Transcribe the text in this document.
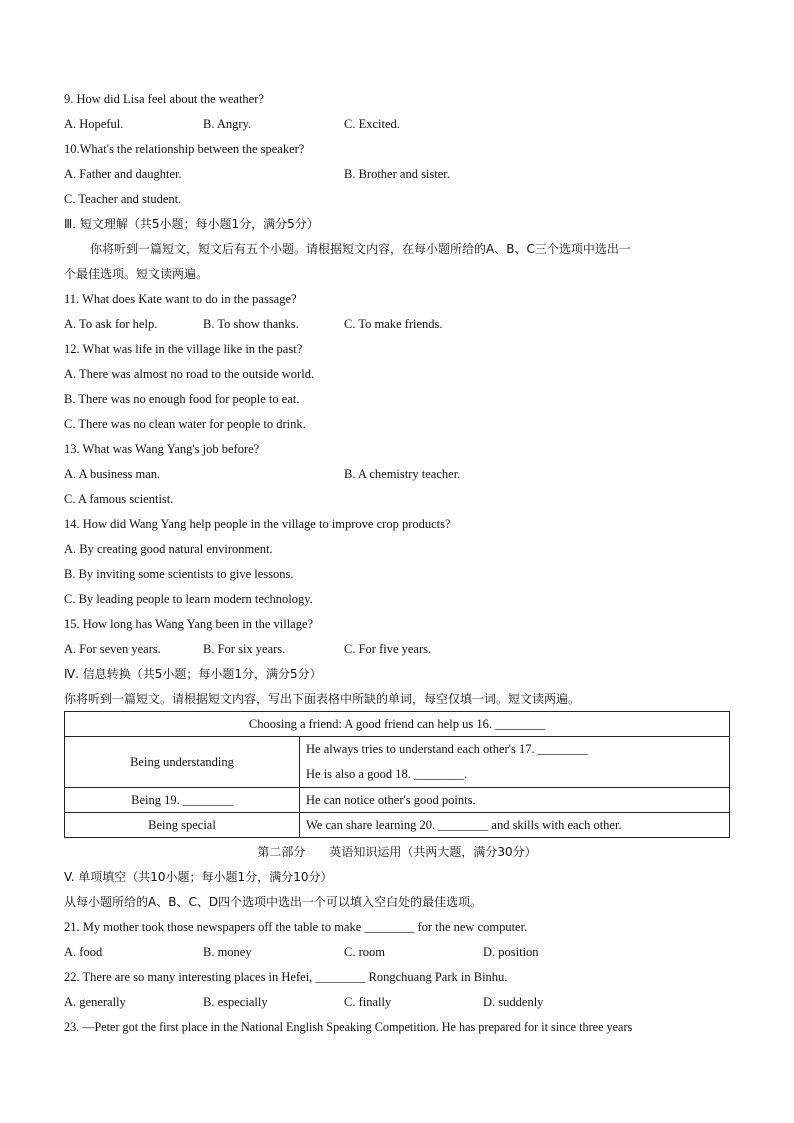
9. How did Lisa feel about the weather?
A. Hopeful.	B. Angry.	C. Excited.
10.What's the relationship between the speaker?
A. Father and daughter.	B. Brother and sister.
C. Teacher and student.
Ⅲ. 短文理解（共5小题；每小题1分，满分5分）
你将听到一篇短文，短文后有五个小题。请根据短文内容，在每小题所给的A、B、C三个选项中选出一
个最佳选项。短文读两遍。
11. What does Kate want to do in the passage?
A. To ask for help.	B. To show thanks.	C. To make friends.
12. What was life in the village like in the past?
A. There was almost no road to the outside world.
B. There was no enough food for people to eat.
C. There was no clean water for people to drink.
13. What was Wang Yang's job before?
A. A business man.	B. A chemistry teacher.
C. A famous scientist.
14. How did Wang Yang help people in the village to improve crop products?
A. By creating good natural environment.
B. By inviting some scientists to give lessons.
C. By leading people to learn modern technology.
15. How long has Wang Yang been in the village?
A. For seven years.	B. For six years.	C. For five years.
Ⅳ. 信息转换（共5小题；每小题1分，满分5分）
你将听到一篇短文。请根据短文内容，写出下面表格中所缺的单词，每空仅填一词。短文读两遍。
Choosing a friend: A good friend can help us 16. ________	
Being understanding	He always tries to understand each other's 17. ________
He is also a good 18. ________.

Being 19. ________	He can notice other's good points.
Being special	We can share learning 20. ________ and skills with each other.
第二部分　　英语知识运用（共两大题，满分30分）
V. 单项填空（共10小题；每小题1分，满分10分）
从每小题所给的A、B、C、D四个选项中选出一个可以填入空白处的最佳选项。
21. My mother took those newspapers off the table to make ________ for the new computer.
A. food	B. money	C. room	D. position
22. There are so many interesting places in Hefei, ________ Rongchuang Park in Binhu.
A. generally	B. especially	C. finally	D. suddenly
23. —Peter got the first place in the National English Speaking Competition. He has prepared for it since three years
